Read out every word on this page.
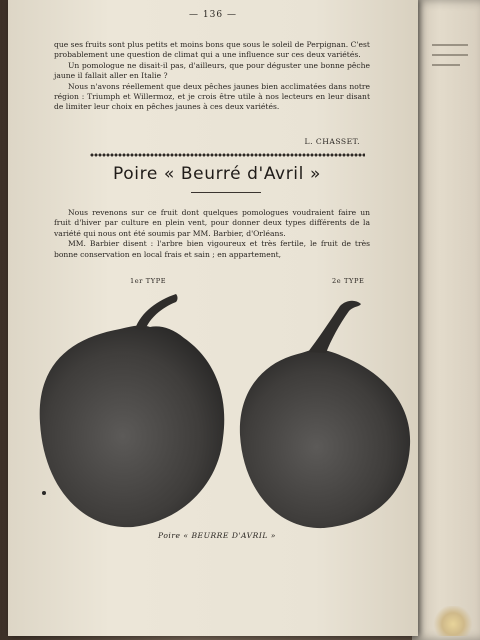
— 136 —

que ses fruits sont plus petits et moins bons que sous le soleil de Perpignan. C'est probablement une question de climat qui a une influence sur ces deux variétés.

Un pomologue ne disait-il pas, d'ailleurs, que pour déguster une bonne pêche jaune il fallait aller en Italie ?

Nous n'avons réellement que deux pêches jaunes bien acclimatées dans notre région : Triumph et Willermoz, et je crois être utile à nos lecteurs en leur disant de limiter leur choix en pêches jaunes à ces deux variétés.

L. CHASSET.
Poire « Beurré d'Avril »

Nous revenons sur ce fruit dont quelques pomologues voudraient faire un fruit d'hiver par culture en plein vent, pour donner deux types différents de la variété qui nous ont été soumis par MM. Barbier, d'Orléans.

MM. Barbier disent : l'arbre bien vigoureux et très fertile, le fruit de très bonne conservation en local frais et sain ; en appartement,

1er TYPE	2e TYPE
Poire « BEURRE D'AVRIL »
